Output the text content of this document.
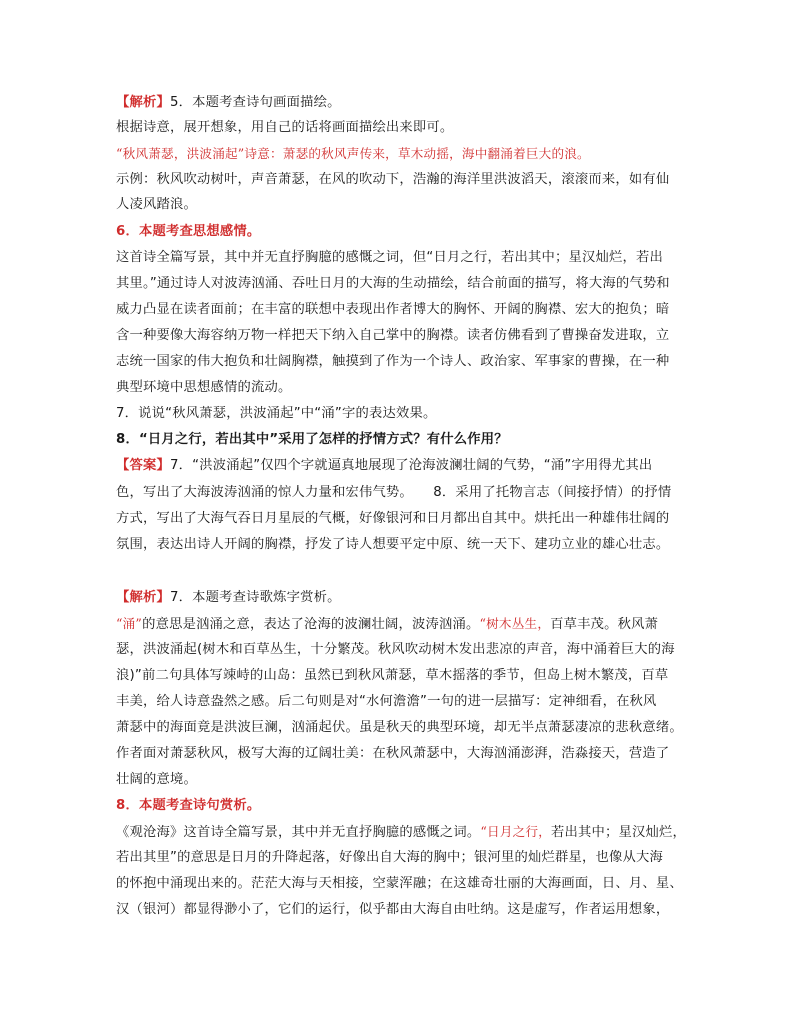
【解析】5．本题考查诗句画面描绘。
根据诗意，展开想象，用自己的话将画面描绘出来即可。
“秋风萧瑟，洪波涌起”诗意：萧瑟的秋风声传来，草木动摇，海中翻涌着巨大的浪。
示例：秋风吹动树叶，声音萧瑟，在风的吹动下，浩瀚的海洋里洪波滔天，滚滚而来，如有仙
人凌风踏浪。
6．本题考查思想感情。
这首诗全篇写景，其中并无直抒胸臆的感慨之词，但“日月之行，若出其中；星汉灿烂，若出
其里。”通过诗人对波涛汹涌、吞吐日月的大海的生动描绘，结合前面的描写，将大海的气势和
威力凸显在读者面前；在丰富的联想中表现出作者博大的胸怀、开阔的胸襟、宏大的抱负；暗
含一种要像大海容纳万物一样把天下纳入自己掌中的胸襟。读者仿佛看到了曹操奋发进取，立
志统一国家的伟大抱负和壮阔胸襟，触摸到了作为一个诗人、政治家、军事家的曹操，在一种
典型环境中思想感情的流动。
7．说说“秋风萧瑟，洪波涌起”中“涌”字的表达效果。
8．“日月之行，若出其中”采用了怎样的抒情方式？有什么作用？
【答案】7．“洪波涌起”仅四个字就逼真地展现了沧海波澜壮阔的气势，“涌”字用得尤其出
色，写出了大海波涛汹涌的惊人力量和宏伟气势。　　8．采用了托物言志（间接抒情）的抒情
方式，写出了大海气吞日月星辰的气概，好像银河和日月都出自其中。烘托出一种雄伟壮阔的
氛围，表达出诗人开阔的胸襟，抒发了诗人想要平定中原、统一天下、建功立业的雄心壮志。
【解析】7．本题考查诗歌炼字赏析。
“涌”的意思是汹涌之意，表达了沧海的波澜壮阔，波涛汹涌。“树木丛生，百草丰茂。秋风萧
瑟，洪波涌起(树木和百草丛生，十分繁茂。秋风吹动树木发出悲凉的声音，海中涌着巨大的海
浪)”前二句具体写竦峙的山岛：虽然已到秋风萧瑟，草木摇落的季节，但岛上树木繁茂，百草
丰美，给人诗意盎然之感。后二句则是对“水何澹澹”一句的进一层描写：定神细看，在秋风
萧瑟中的海面竟是洪波巨澜，汹涌起伏。虽是秋天的典型环境，却无半点萧瑟凄凉的悲秋意绪。
作者面对萧瑟秋风，极写大海的辽阔壮美：在秋风萧瑟中，大海汹涌澎湃，浩淼接天，营造了
壮阔的意境。
8．本题考查诗句赏析。
《观沧海》这首诗全篇写景，其中并无直抒胸臆的感慨之词。“日月之行，若出其中；星汉灿烂，
若出其里”的意思是日月的升降起落，好像出自大海的胸中；银河里的灿烂群星，也像从大海
的怀抱中涌现出来的。茫茫大海与天相接，空蒙浑融；在这雄奇壮丽的大海画面，日、月、星、
汉（银河）都显得渺小了，它们的运行，似乎都由大海自由吐纳。这是虚写，作者运用想象，
